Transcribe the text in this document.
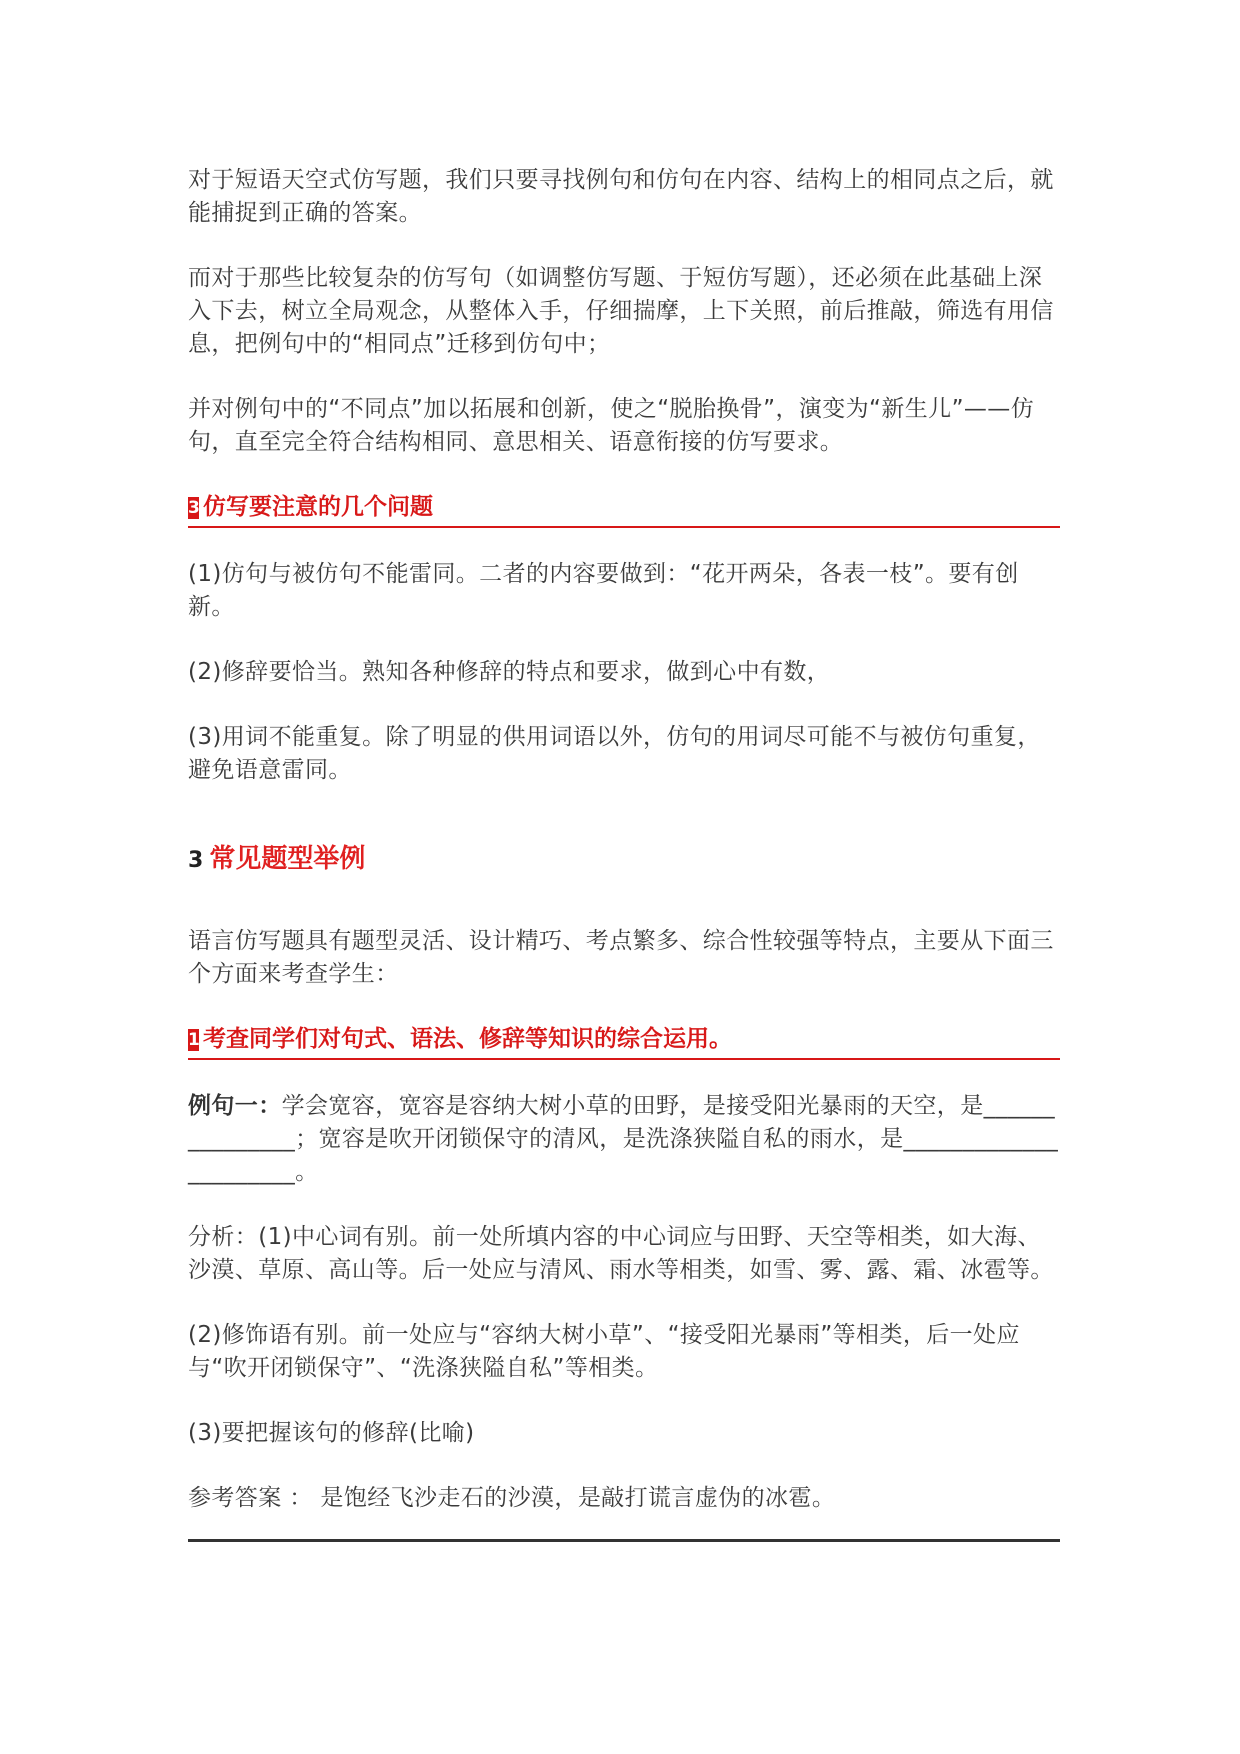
对于短语天空式仿写题，我们只要寻找例句和仿句在内容、结构上的相同点之后，就能捕捉到正确的答案。

而对于那些比较复杂的仿写句（如调整仿写题、于短仿写题），还必须在此基础上深入下去，树立全局观念，从整体入手，仔细揣摩，上下关照，前后推敲，筛选有用信息，把例句中的“相同点”迁移到仿句中；

并对例句中的“不同点”加以拓展和创新，使之“脱胎换骨”，演变为“新生儿”——仿句，直至完全符合结构相同、意思相关、语意衔接的仿写要求。

3 仿写要注意的几个问题

(1)仿句与被仿句不能雷同。二者的内容要做到：“花开两朵，各表一枝”。要有创新。

(2)修辞要恰当。熟知各种修辞的特点和要求，做到心中有数，

(3)用词不能重复。除了明显的供用词语以外，仿句的用词尽可能不与被仿句重复，避免语意雷同。

3 常见题型举例

语言仿写题具有题型灵活、设计精巧、考点繁多、综合性较强等特点，主要从下面三个方面来考查学生：

1 考查同学们对句式、语法、修辞等知识的综合运用。

例句一：学会宽容，宽容是容纳大树小草的田野，是接受阳光暴雨的天空，是_______________；宽容是吹开闭锁保守的清风，是洗涤狭隘自私的雨水，是______________________。

分析：(1)中心词有别。前一处所填内容的中心词应与田野、天空等相类，如大海、沙漠、草原、高山等。后一处应与清风、雨水等相类，如雪、雾、露、霜、冰雹等。

(2)修饰语有别。前一处应与“容纳大树小草”、“接受阳光暴雨”等相类，后一处应与“吹开闭锁保守”、“洗涤狭隘自私”等相类。

(3)要把握该句的修辞(比喻)

参考答案 ： 是饱经飞沙走石的沙漠，是敲打谎言虚伪的冰雹。
